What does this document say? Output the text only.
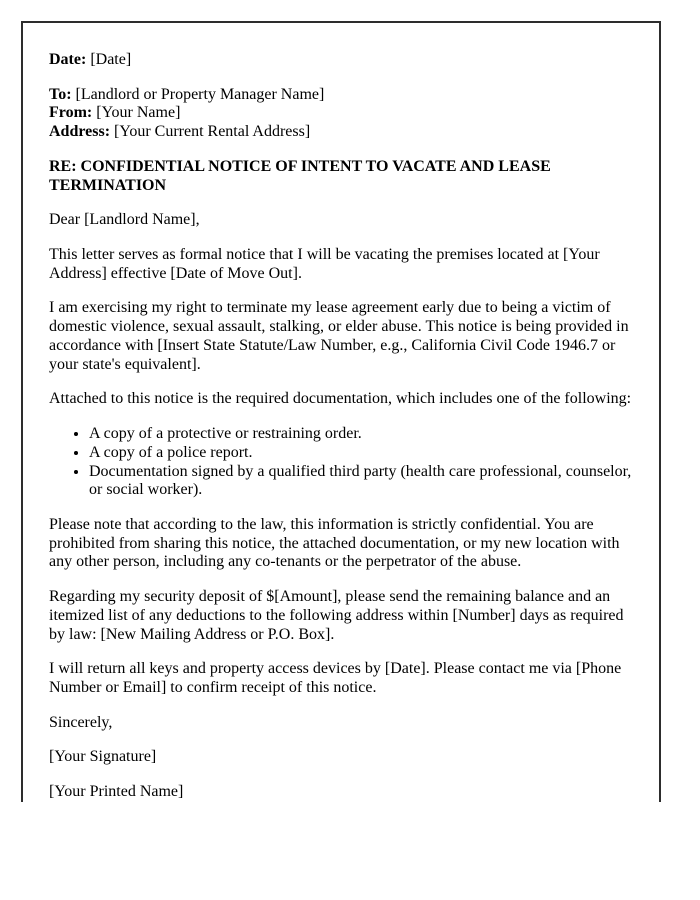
Date: [Date]

To: [Landlord or Property Manager Name]
From: [Your Name]
Address: [Your Current Rental Address]

RE: CONFIDENTIAL NOTICE OF INTENT TO VACATE AND LEASE TERMINATION

Dear [Landlord Name],

This letter serves as formal notice that I will be vacating the premises located at [Your Address] effective [Date of Move Out].

I am exercising my right to terminate my lease agreement early due to being a victim of domestic violence, sexual assault, stalking, or elder abuse. This notice is being provided in accordance with [Insert State Statute/Law Number, e.g., California Civil Code 1946.7 or your state's equivalent].

Attached to this notice is the required documentation, which includes one of the following:

• A copy of a protective or restraining order.
• A copy of a police report.
• Documentation signed by a qualified third party (health care professional, counselor, or social worker).

Please note that according to the law, this information is strictly confidential. You are prohibited from sharing this notice, the attached documentation, or my new location with any other person, including any co-tenants or the perpetrator of the abuse.

Regarding my security deposit of $[Amount], please send the remaining balance and an itemized list of any deductions to the following address within [Number] days as required by law: [New Mailing Address or P.O. Box].

I will return all keys and property access devices by [Date]. Please contact me via [Phone Number or Email] to confirm receipt of this notice.

Sincerely,

[Your Signature]

[Your Printed Name]
